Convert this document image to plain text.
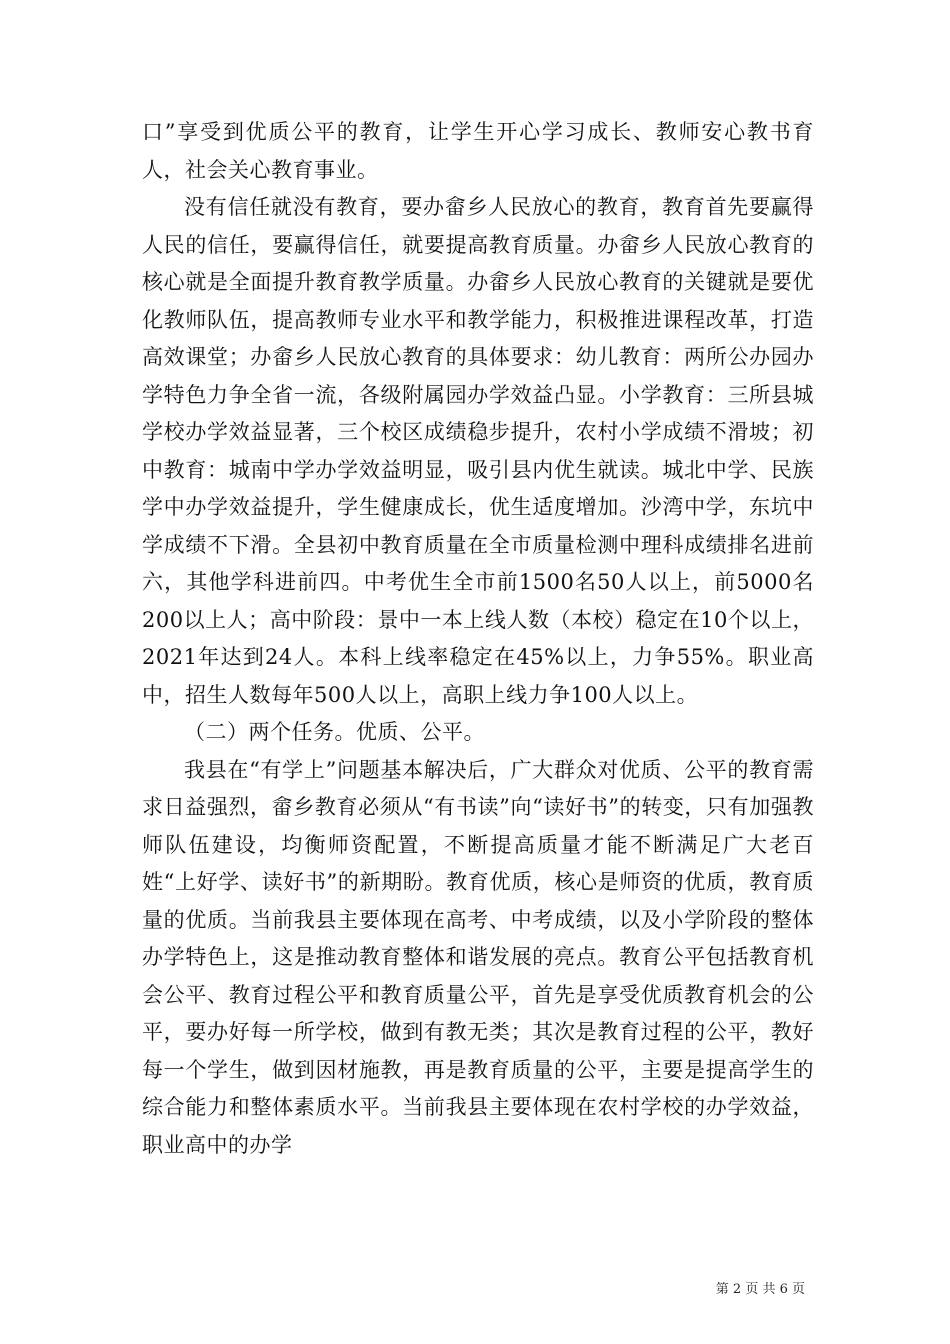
口”享受到优质公平的教育，让学生开心学习成长、教师安心教书育人，社会关心教育事业。

没有信任就没有教育，要办畲乡人民放心的教育，教育首先要赢得人民的信任，要赢得信任，就要提高教育质量。办畲乡人民放心教育的核心就是全面提升教育教学质量。办畲乡人民放心教育的关键就是要优化教师队伍，提高教师专业水平和教学能力，积极推进课程改革，打造高效课堂；办畲乡人民放心教育的具体要求：幼儿教育：两所公办园办学特色力争全省一流，各级附属园办学效益凸显。小学教育：三所县城学校办学效益显著，三个校区成绩稳步提升，农村小学成绩不滑坡；初中教育：城南中学办学效益明显，吸引县内优生就读。城北中学、民族学中办学效益提升，学生健康成长，优生适度增加。沙湾中学，东坑中学成绩不下滑。全县初中教育质量在全市质量检测中理科成绩排名进前六，其他学科进前四。中考优生全市前1500名50人以上，前5000名200以上人；高中阶段：景中一本上线人数（本校）稳定在10个以上，2021年达到24人。本科上线率稳定在45%以上，力争55%。职业高中，招生人数每年500人以上，高职上线力争100人以上。

（二）两个任务。优质、公平。

我县在“有学上”问题基本解决后，广大群众对优质、公平的教育需求日益强烈，畲乡教育必须从“有书读”向“读好书”的转变，只有加强教师队伍建设，均衡师资配置，不断提高质量才能不断满足广大老百姓“上好学、读好书”的新期盼。教育优质，核心是师资的优质，教育质量的优质。当前我县主要体现在高考、中考成绩，以及小学阶段的整体办学特色上，这是推动教育整体和谐发展的亮点。教育公平包括教育机会公平、教育过程公平和教育质量公平，首先是享受优质教育机会的公平，要办好每一所学校，做到有教无类；其次是教育过程的公平，教好每一个学生，做到因材施教，再是教育质量的公平，主要是提高学生的综合能力和整体素质水平。当前我县主要体现在农村学校的办学效益，职业高中的办学

第 2 页 共 6 页
